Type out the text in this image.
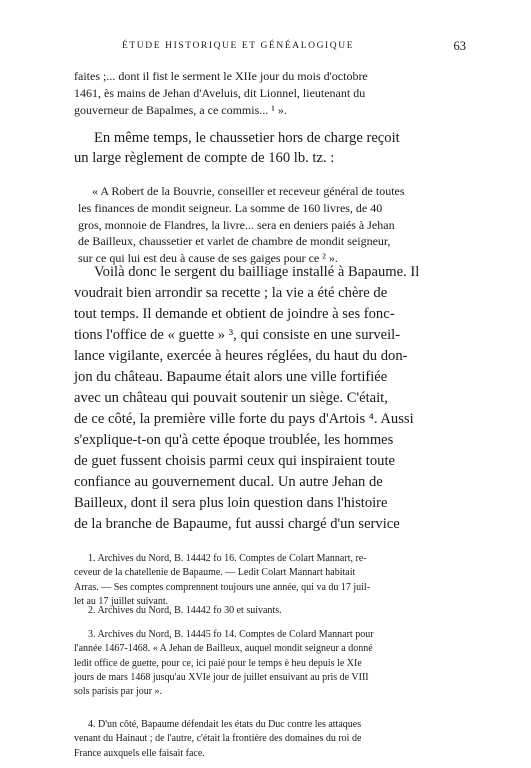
ÉTUDE HISTORIQUE ET GÉNÉALOGIQUE	63
faites ;... dont il fist le serment le XIIe jour du mois d'octobre
1461, ès mains de Jehan d'Aveluis, dit Lionnel, lieutenant du
gouverneur de Bapalmes, a ce commis... ¹ ».
En même temps, le chaussetier hors de charge reçoit
un large règlement de compte de 160 lb. tz. :
« A Robert de la Bouvrie, conseiller et receveur général de toutes
les finances de mondit seigneur. La somme de 160 livres, de 40
gros, monnoie de Flandres, la livre... sera en deniers paiés à Jehan
de Bailleux, chaussetier et varlet de chambre de mondit seigneur,
sur ce qui lui est deu à cause de ses gaiges pour ce ² ».
Voilà donc le sergent du bailliage installé à Bapaume. Il
voudrait bien arrondir sa recette ; la vie a été chère de
tout temps. Il demande et obtient de joindre à ses fonc-
tions l'office de « guette » ³, qui consiste en une surveil-
lance vigilante, exercée à heures réglées, du haut du don-
jon du château. Bapaume était alors une ville fortifiée
avec un château qui pouvait soutenir un siège. C'était,
de ce côté, la première ville forte du pays d'Artois ⁴. Aussi
s'explique-t-on qu'à cette époque troublée, les hommes
de guet fussent choisis parmi ceux qui inspiraient toute
confiance au gouvernement ducal. Un autre Jehan de
Bailleux, dont il sera plus loin question dans l'histoire
de la branche de Bapaume, fut aussi chargé d'un service
1. Archives du Nord, B. 14442 fo 16. Comptes de Colart Mannart, re-
ceveur de la chatellenie de Bapaume. — Ledit Colart Mannart habitait
Arras. — Ses comptes comprennent toujours une année, qui va du 17 juil-
let au 17 juillet suivant.
2. Archives du Nord, B. 14442 fo 30 et suivants.
3. Archives du Nord, B. 14445 fo 14. Comptes de Colard Mannart pour
l'année 1467-1468. « A Jehan de Bailleux, auquel mondit seigneur a donné
ledit office de guette, pour ce, ici paié pour le temps è heu depuis le XIe
jours de mars 1468 jusqu'au XVIe jour de juillet ensuivant au pris de VIII
sols parisis par jour ».
4. D'un côté, Bapaume défendait les états du Duc contre les attaques
venant du Hainaut ; de l'autre, c'était la frontière des domaines du roi de
France auxquels elle faisait face.
